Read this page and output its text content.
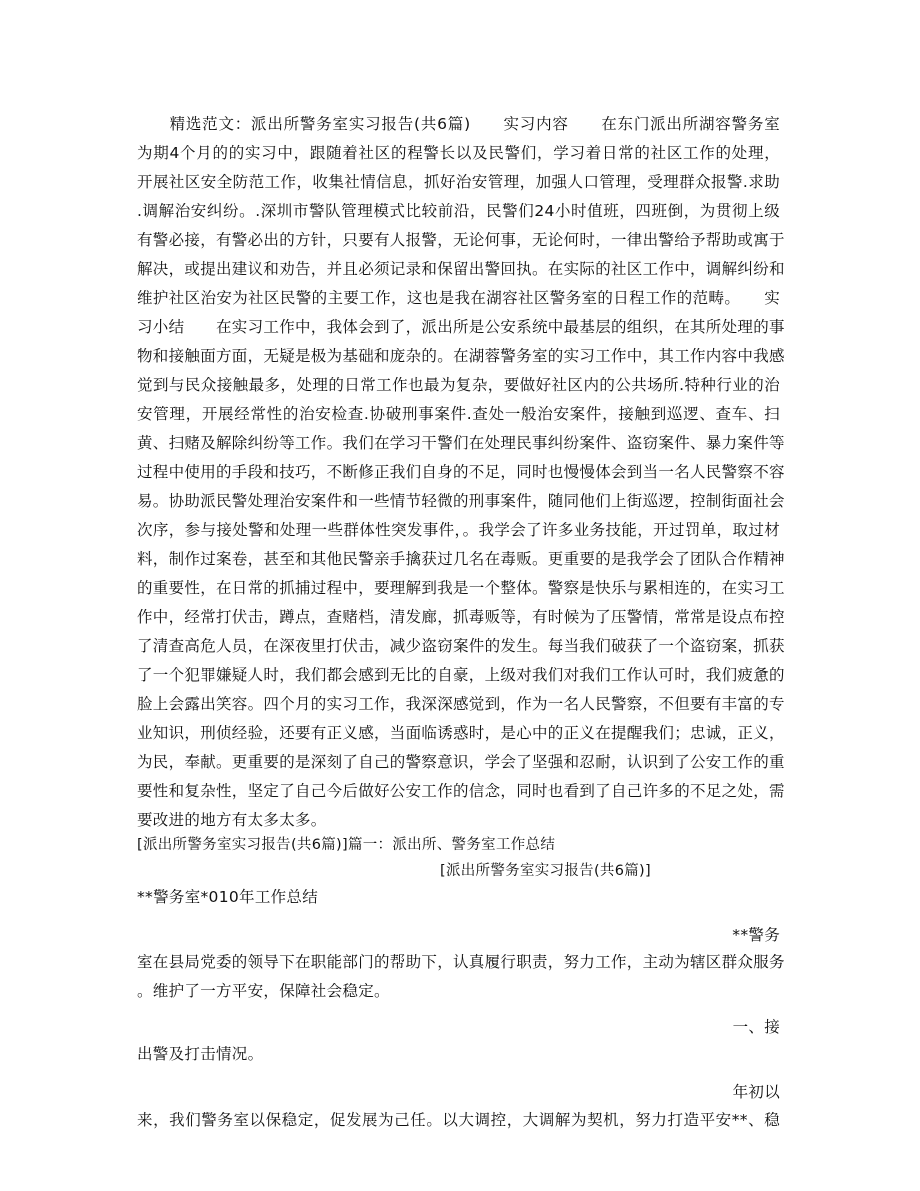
　　精选范文：派出所警务室实习报告(共6篇)　　实习内容　　在东门派出所湖容警务室
为期4个月的的实习中，跟随着社区的程警长以及民警们，学习着日常的社区工作的处理，
开展社区安全防范工作，收集社情信息，抓好治安管理，加强人口管理，受理群众报警.求助
.调解治安纠纷。.深圳市警队管理模式比较前沿，民警们24小时值班，四班倒，为贯彻上级
有警必接，有警必出的方针，只要有人报警，无论何事，无论何时，一律出警给予帮助或寓于
解决，或提出建议和劝告，并且必须记录和保留出警回执。在实际的社区工作中，调解纠纷和
维护社区治安为社区民警的主要工作，这也是我在湖容社区警务室的日程工作的范畴。　　实
习小结　　在实习工作中，我体会到了，派出所是公安系统中最基层的组织，在其所处理的事
物和接触面方面，无疑是极为基础和庞杂的。在湖蓉警务室的实习工作中，其工作内容中我感
觉到与民众接触最多，处理的日常工作也最为复杂，要做好社区内的公共场所.特种行业的治
安管理，开展经常性的治安检查.协破刑事案件.查处一般治安案件，接触到巡逻、查车、扫
黄、扫赌及解除纠纷等工作。我们在学习干警们在处理民事纠纷案件、盗窃案件、暴力案件等
过程中使用的手段和技巧，不断修正我们自身的不足，同时也慢慢体会到当一名人民警察不容
易。协助派民警处理治安案件和一些情节轻微的刑事案件，随同他们上街巡逻，控制街面社会
次序，参与接处警和处理一些群体性突发事件，。我学会了许多业务技能，开过罚单，取过材
料，制作过案卷，甚至和其他民警亲手擒获过几名在毒贩。更重要的是我学会了团队合作精神
的重要性，在日常的抓捕过程中，要理解到我是一个整体。警察是快乐与累相连的，在实习工
作中，经常打伏击，蹲点，查赌档，清发廊，抓毒贩等，有时候为了压警情，常常是设点布控
了清查高危人员，在深夜里打伏击，减少盗窃案件的发生。每当我们破获了一个盗窃案，抓获
了一个犯罪嫌疑人时，我们都会感到无比的自豪，上级对我们对我们工作认可时，我们疲惫的
脸上会露出笑容。四个月的实习工作，我深深感觉到，作为一名人民警察，不但要有丰富的专
业知识，刑侦经验，还要有正义感，当面临诱惑时，是心中的正义在提醒我们；忠诚，正义，
为民，奉献。更重要的是深刻了自己的警察意识，学会了坚强和忍耐，认识到了公安工作的重
要性和复杂性，坚定了自己今后做好公安工作的信念，同时也看到了自己许多的不足之处，需
要改进的地方有太多太多。
[派出所警务室实习报告(共6篇)]篇一：派出所、警务室工作总结
[派出所警务室实习报告(共6篇)]
**警务室*010年工作总结
**警务
室在县局党委的领导下在职能部门的帮助下，认真履行职责，努力工作，主动为辖区群众服务
。维护了一方平安，保障社会稳定。
一、接
出警及打击情况。
年初以
来，我们警务室以保稳定，促发展为己任。以大调控，大调解为契机，努力打造平安**、稳
